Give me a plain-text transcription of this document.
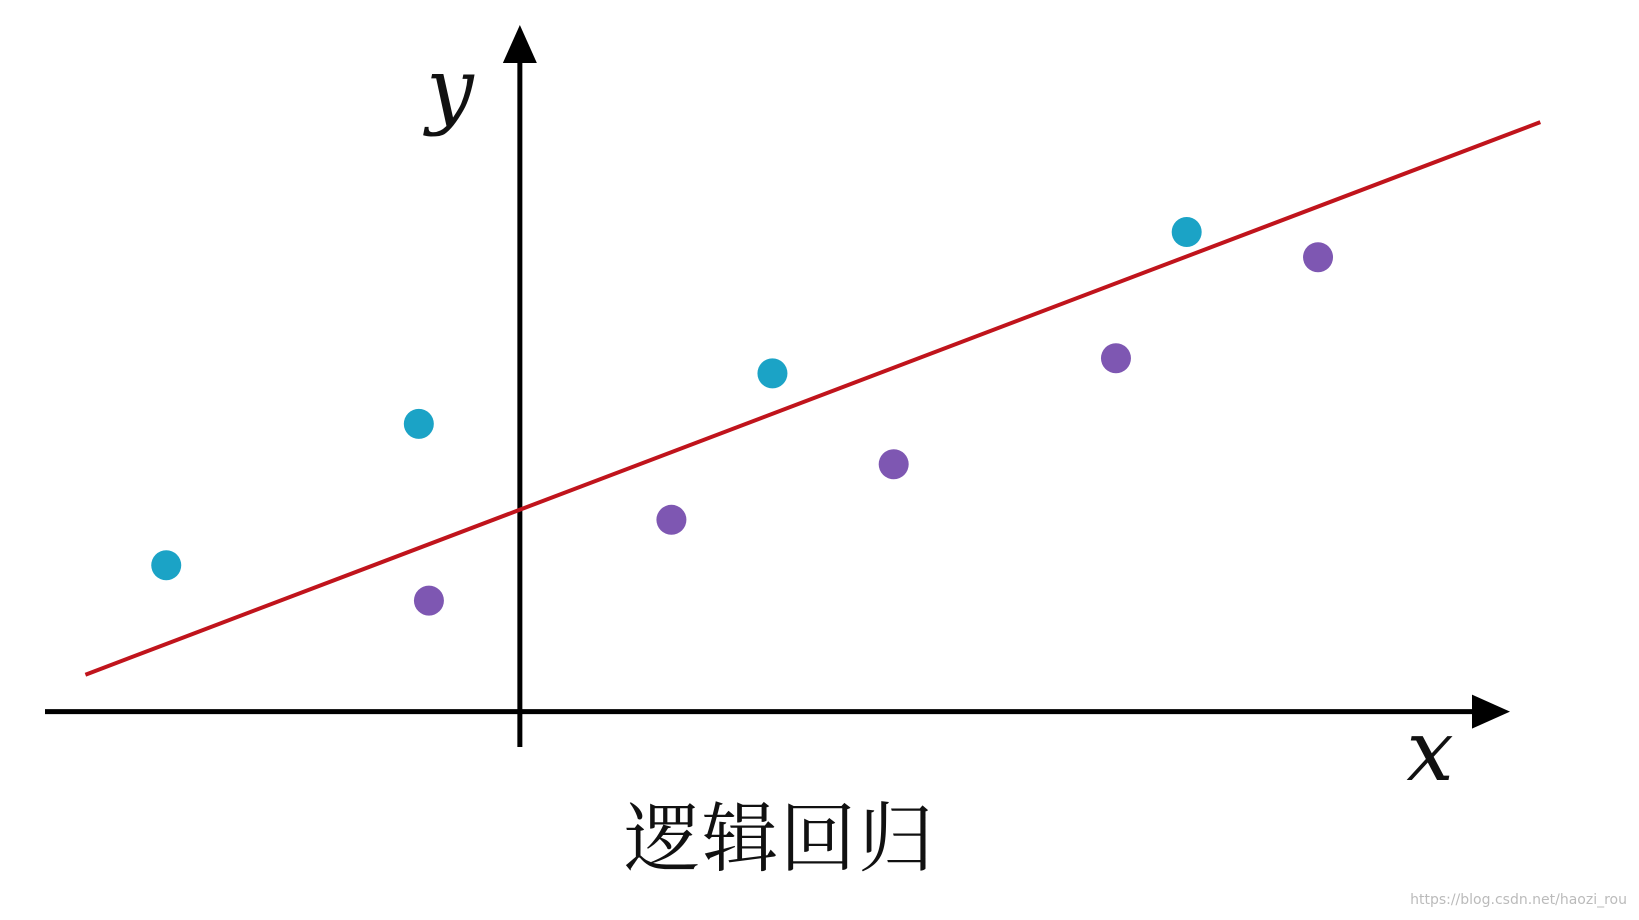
y
x
逻辑回归
https://blog.csdn.net/haozi_rou
